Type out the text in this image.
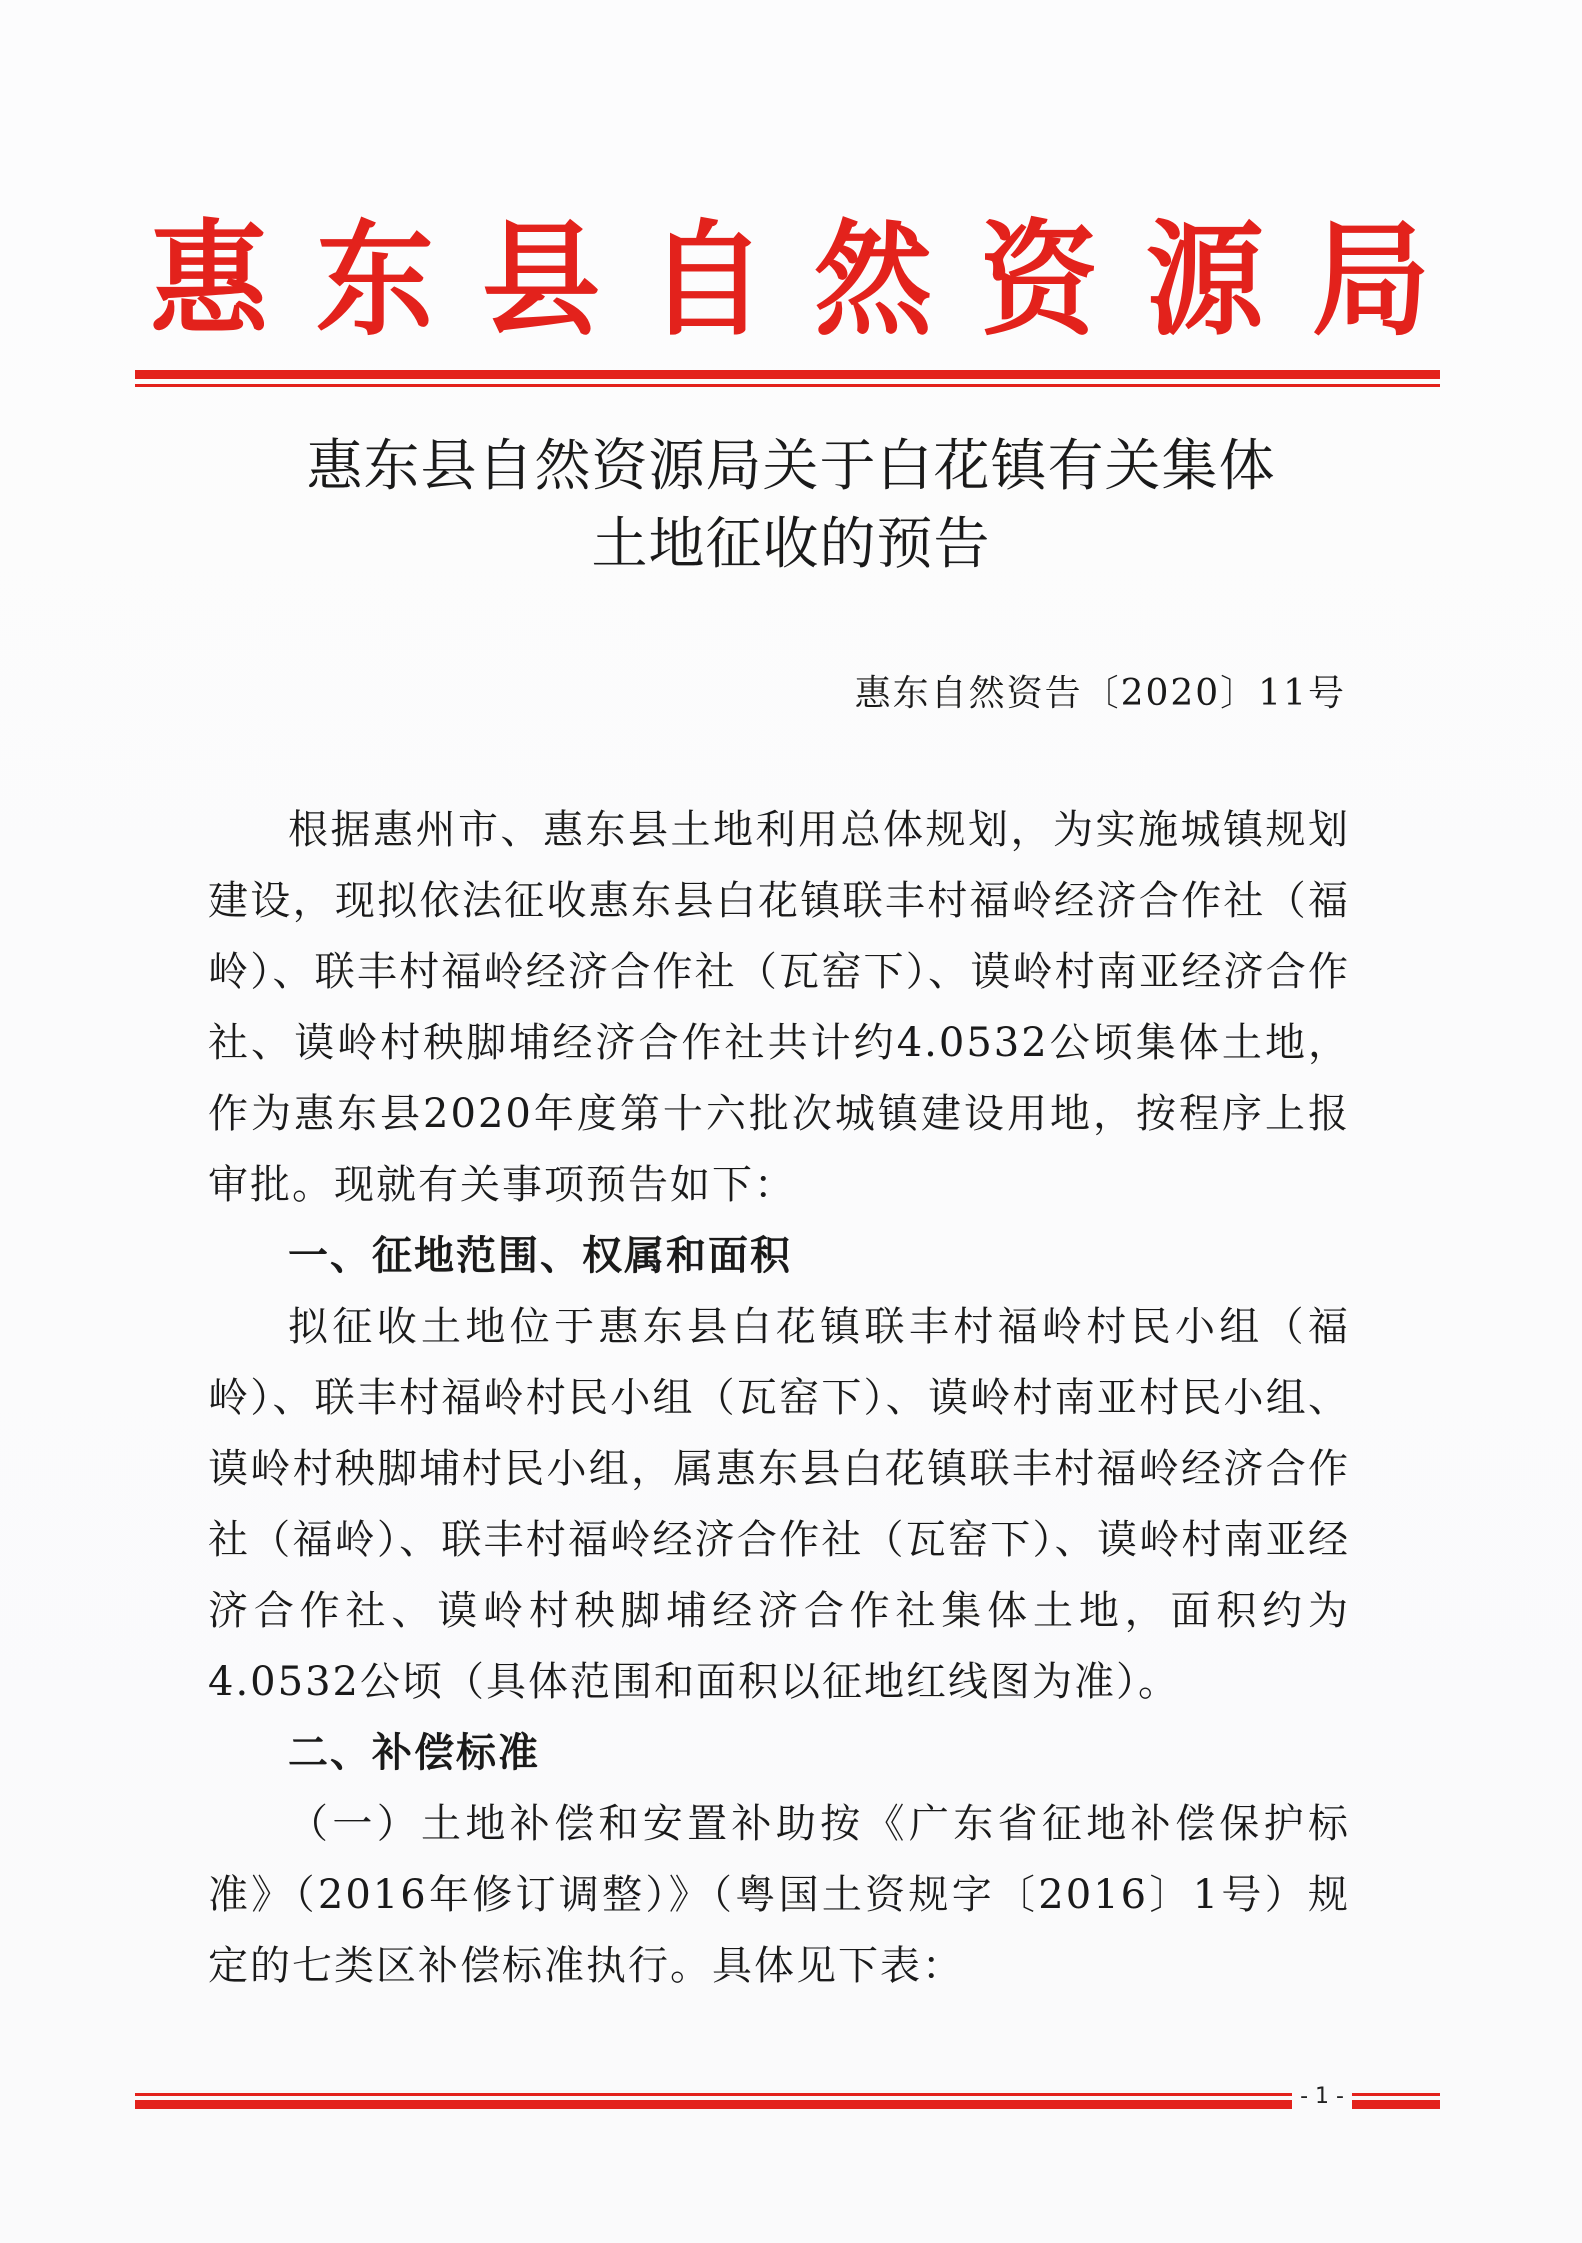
惠 东 县 自 然 资 源 局
惠东县自然资源局关于白花镇有关集体
土地征收的预告
惠东自然资告〔2020〕11号

根据惠州市、惠东县土地利用总体规划，为实施城镇规划建设，现拟依法征收惠东县白花镇联丰村福岭经济合作社（福岭）、联丰村福岭经济合作社（瓦窑下）、谟岭村南亚经济合作社、谟岭村秧脚埔经济合作社共计约4.0532公顷集体土地，作为惠东县2020年度第十六批次城镇建设用地，按程序上报审批。现就有关事项预告如下：

一、征地范围、权属和面积

拟征收土地位于惠东县白花镇联丰村福岭村民小组（福岭）、联丰村福岭村民小组（瓦窑下）、谟岭村南亚村民小组、谟岭村秧脚埔村民小组，属惠东县白花镇联丰村福岭经济合作社（福岭）、联丰村福岭经济合作社（瓦窑下）、谟岭村南亚经济合作社、谟岭村秧脚埔经济合作社集体土地，面积约为4.0532公顷（具体范围和面积以征地红线图为准）。

二、补偿标准

（一）土地补偿和安置补助按《广东省征地补偿保护标准》（2016年修订调整）》（粤国土资规字〔2016〕1号）规定的七类区补偿标准执行。具体见下表：

- 1 -
